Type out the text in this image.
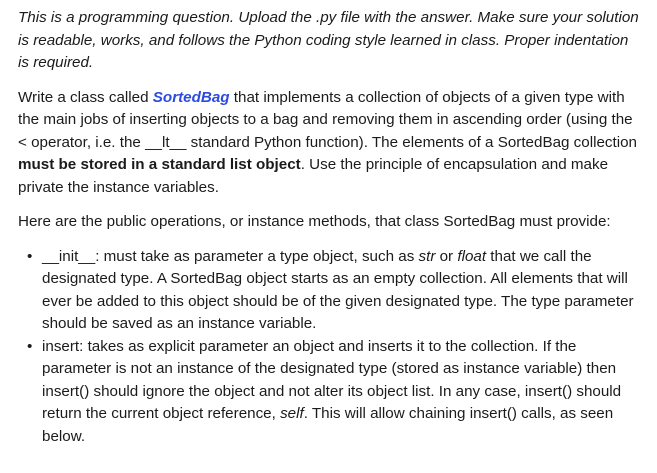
This is a programming question. Upload the .py file with the answer. Make sure your solution is readable, works, and follows the Python coding style learned in class. Proper indentation is required.

Write a class called SortedBag that implements a collection of objects of a given type with the main jobs of inserting objects to a bag and removing them in ascending order (using the < operator, i.e. the __lt__ standard Python function). The elements of a SortedBag collection must be stored in a standard list object. Use the principle of encapsulation and make private the instance variables.

Here are the public operations, or instance methods, that class SortedBag must provide:

• __init__: must take as parameter a type object, such as str or float that we call the designated type. A SortedBag object starts as an empty collection. All elements that will ever be added to this object should be of the given designated type. The type parameter should be saved as an instance variable.
• insert: takes as explicit parameter an object and inserts it to the collection. If the parameter is not an instance of the designated type (stored as instance variable) then insert() should ignore the object and not alter its object list. In any case, insert() should return the current object reference, self. This will allow chaining insert() calls, as seen below.
